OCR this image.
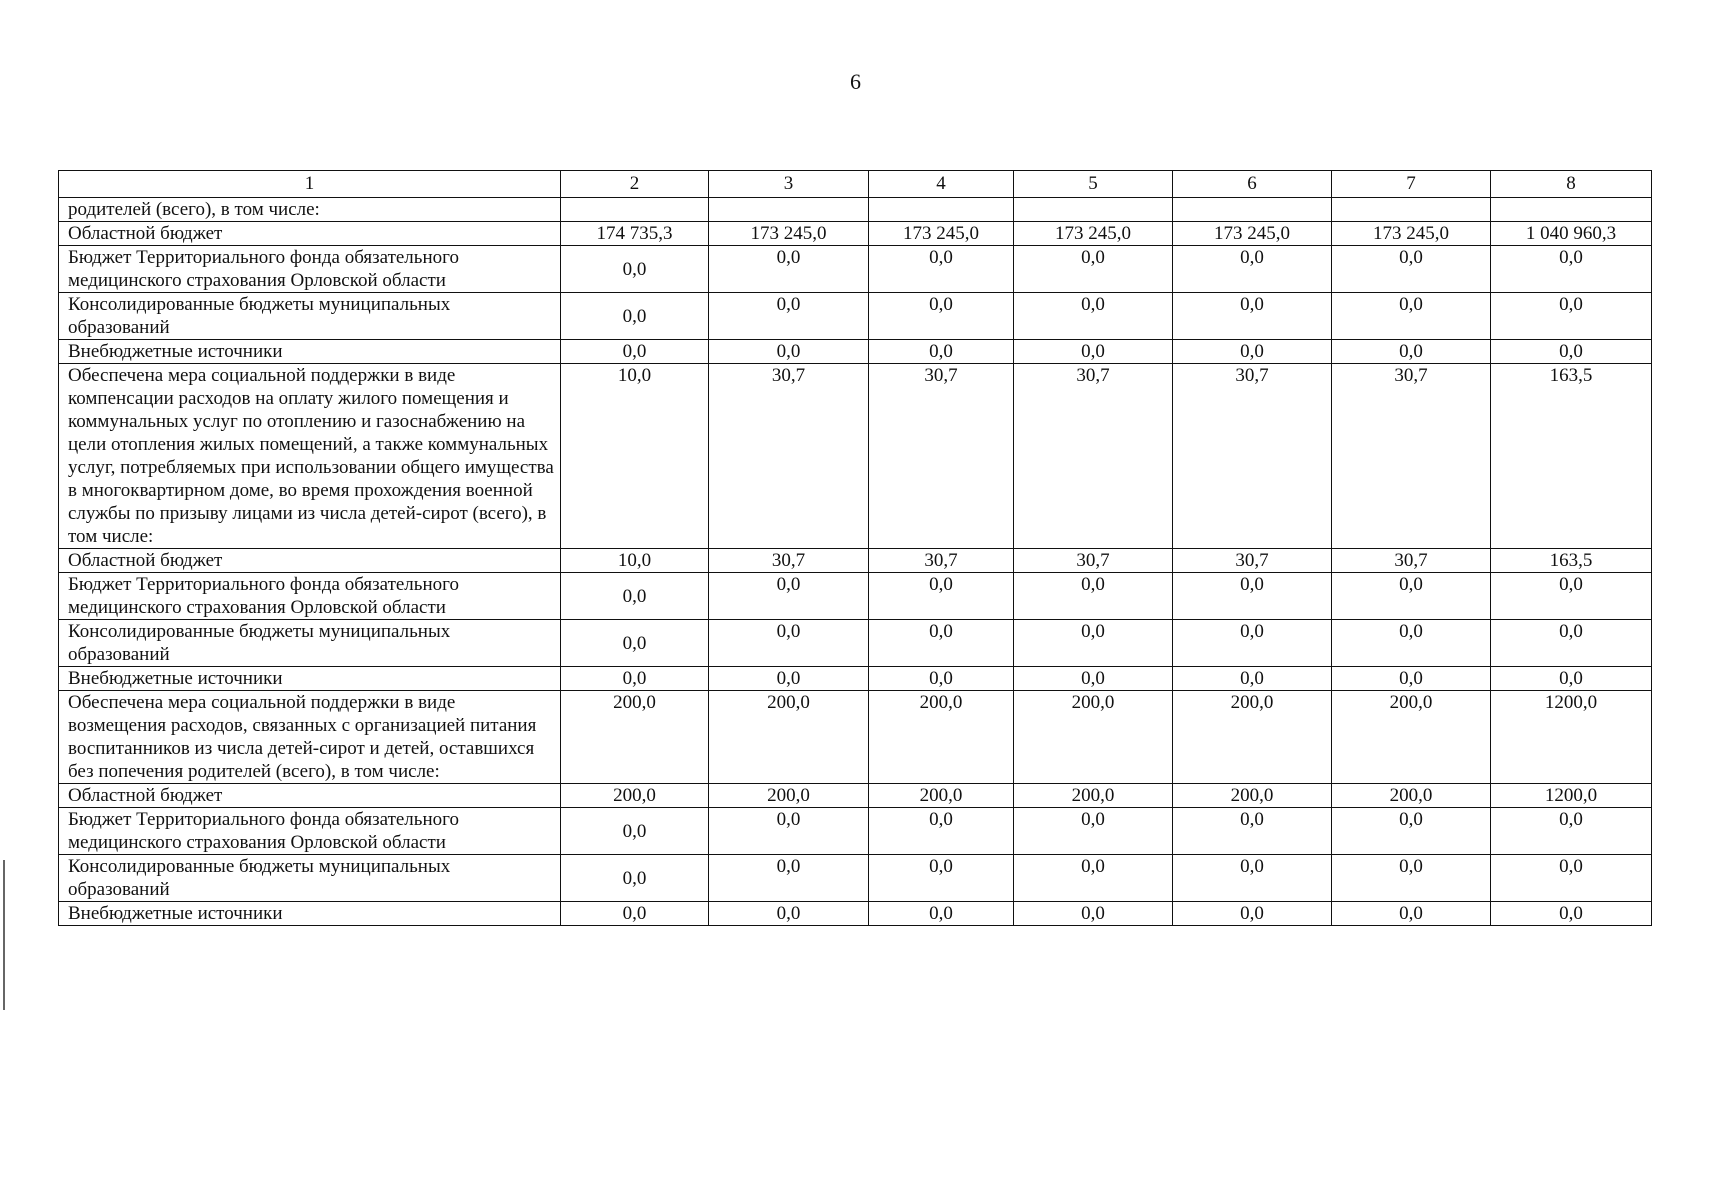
6
1	2	3	4	5	6	7	8
родителей (всего), в том числе:							
Областной бюджет	174 735,3	173 245,0	173 245,0	173 245,0	173 245,0	173 245,0	1 040 960,3
Бюджет Территориального фонда обязательного медицинского страхования Орловской области	0,0	0,0	0,0	0,0	0,0	0,0	0,0
Консолидированные бюджеты муниципальных образований	0,0	0,0	0,0	0,0	0,0	0,0	0,0
Внебюджетные источники	0,0	0,0	0,0	0,0	0,0	0,0	0,0
Обеспечена мера социальной поддержки в виде компенсации расходов на оплату жилого помещения и коммунальных услуг по отоплению и газоснабжению на цели отопления жилых помещений, а также коммунальных услуг, потребляемых при использовании общего имущества в многоквартирном доме, во время прохождения военной службы по призыву лицами из числа детей-сирот (всего), в том числе:	10,0	30,7	30,7	30,7	30,7	30,7	163,5
Областной бюджет	10,0	30,7	30,7	30,7	30,7	30,7	163,5
Бюджет Территориального фонда обязательного медицинского страхования Орловской области	0,0	0,0	0,0	0,0	0,0	0,0	0,0
Консолидированные бюджеты муниципальных образований	0,0	0,0	0,0	0,0	0,0	0,0	0,0
Внебюджетные источники	0,0	0,0	0,0	0,0	0,0	0,0	0,0
Обеспечена мера социальной поддержки в виде возмещения расходов, связанных с организацией питания воспитанников из числа детей-сирот и детей, оставшихся без попечения родителей (всего), в том числе:	200,0	200,0	200,0	200,0	200,0	200,0	1200,0
Областной бюджет	200,0	200,0	200,0	200,0	200,0	200,0	1200,0
Бюджет Территориального фонда обязательного медицинского страхования Орловской области	0,0	0,0	0,0	0,0	0,0	0,0	0,0
Консолидированные бюджеты муниципальных образований	0,0	0,0	0,0	0,0	0,0	0,0	0,0
Внебюджетные источники	0,0	0,0	0,0	0,0	0,0	0,0	0,0
